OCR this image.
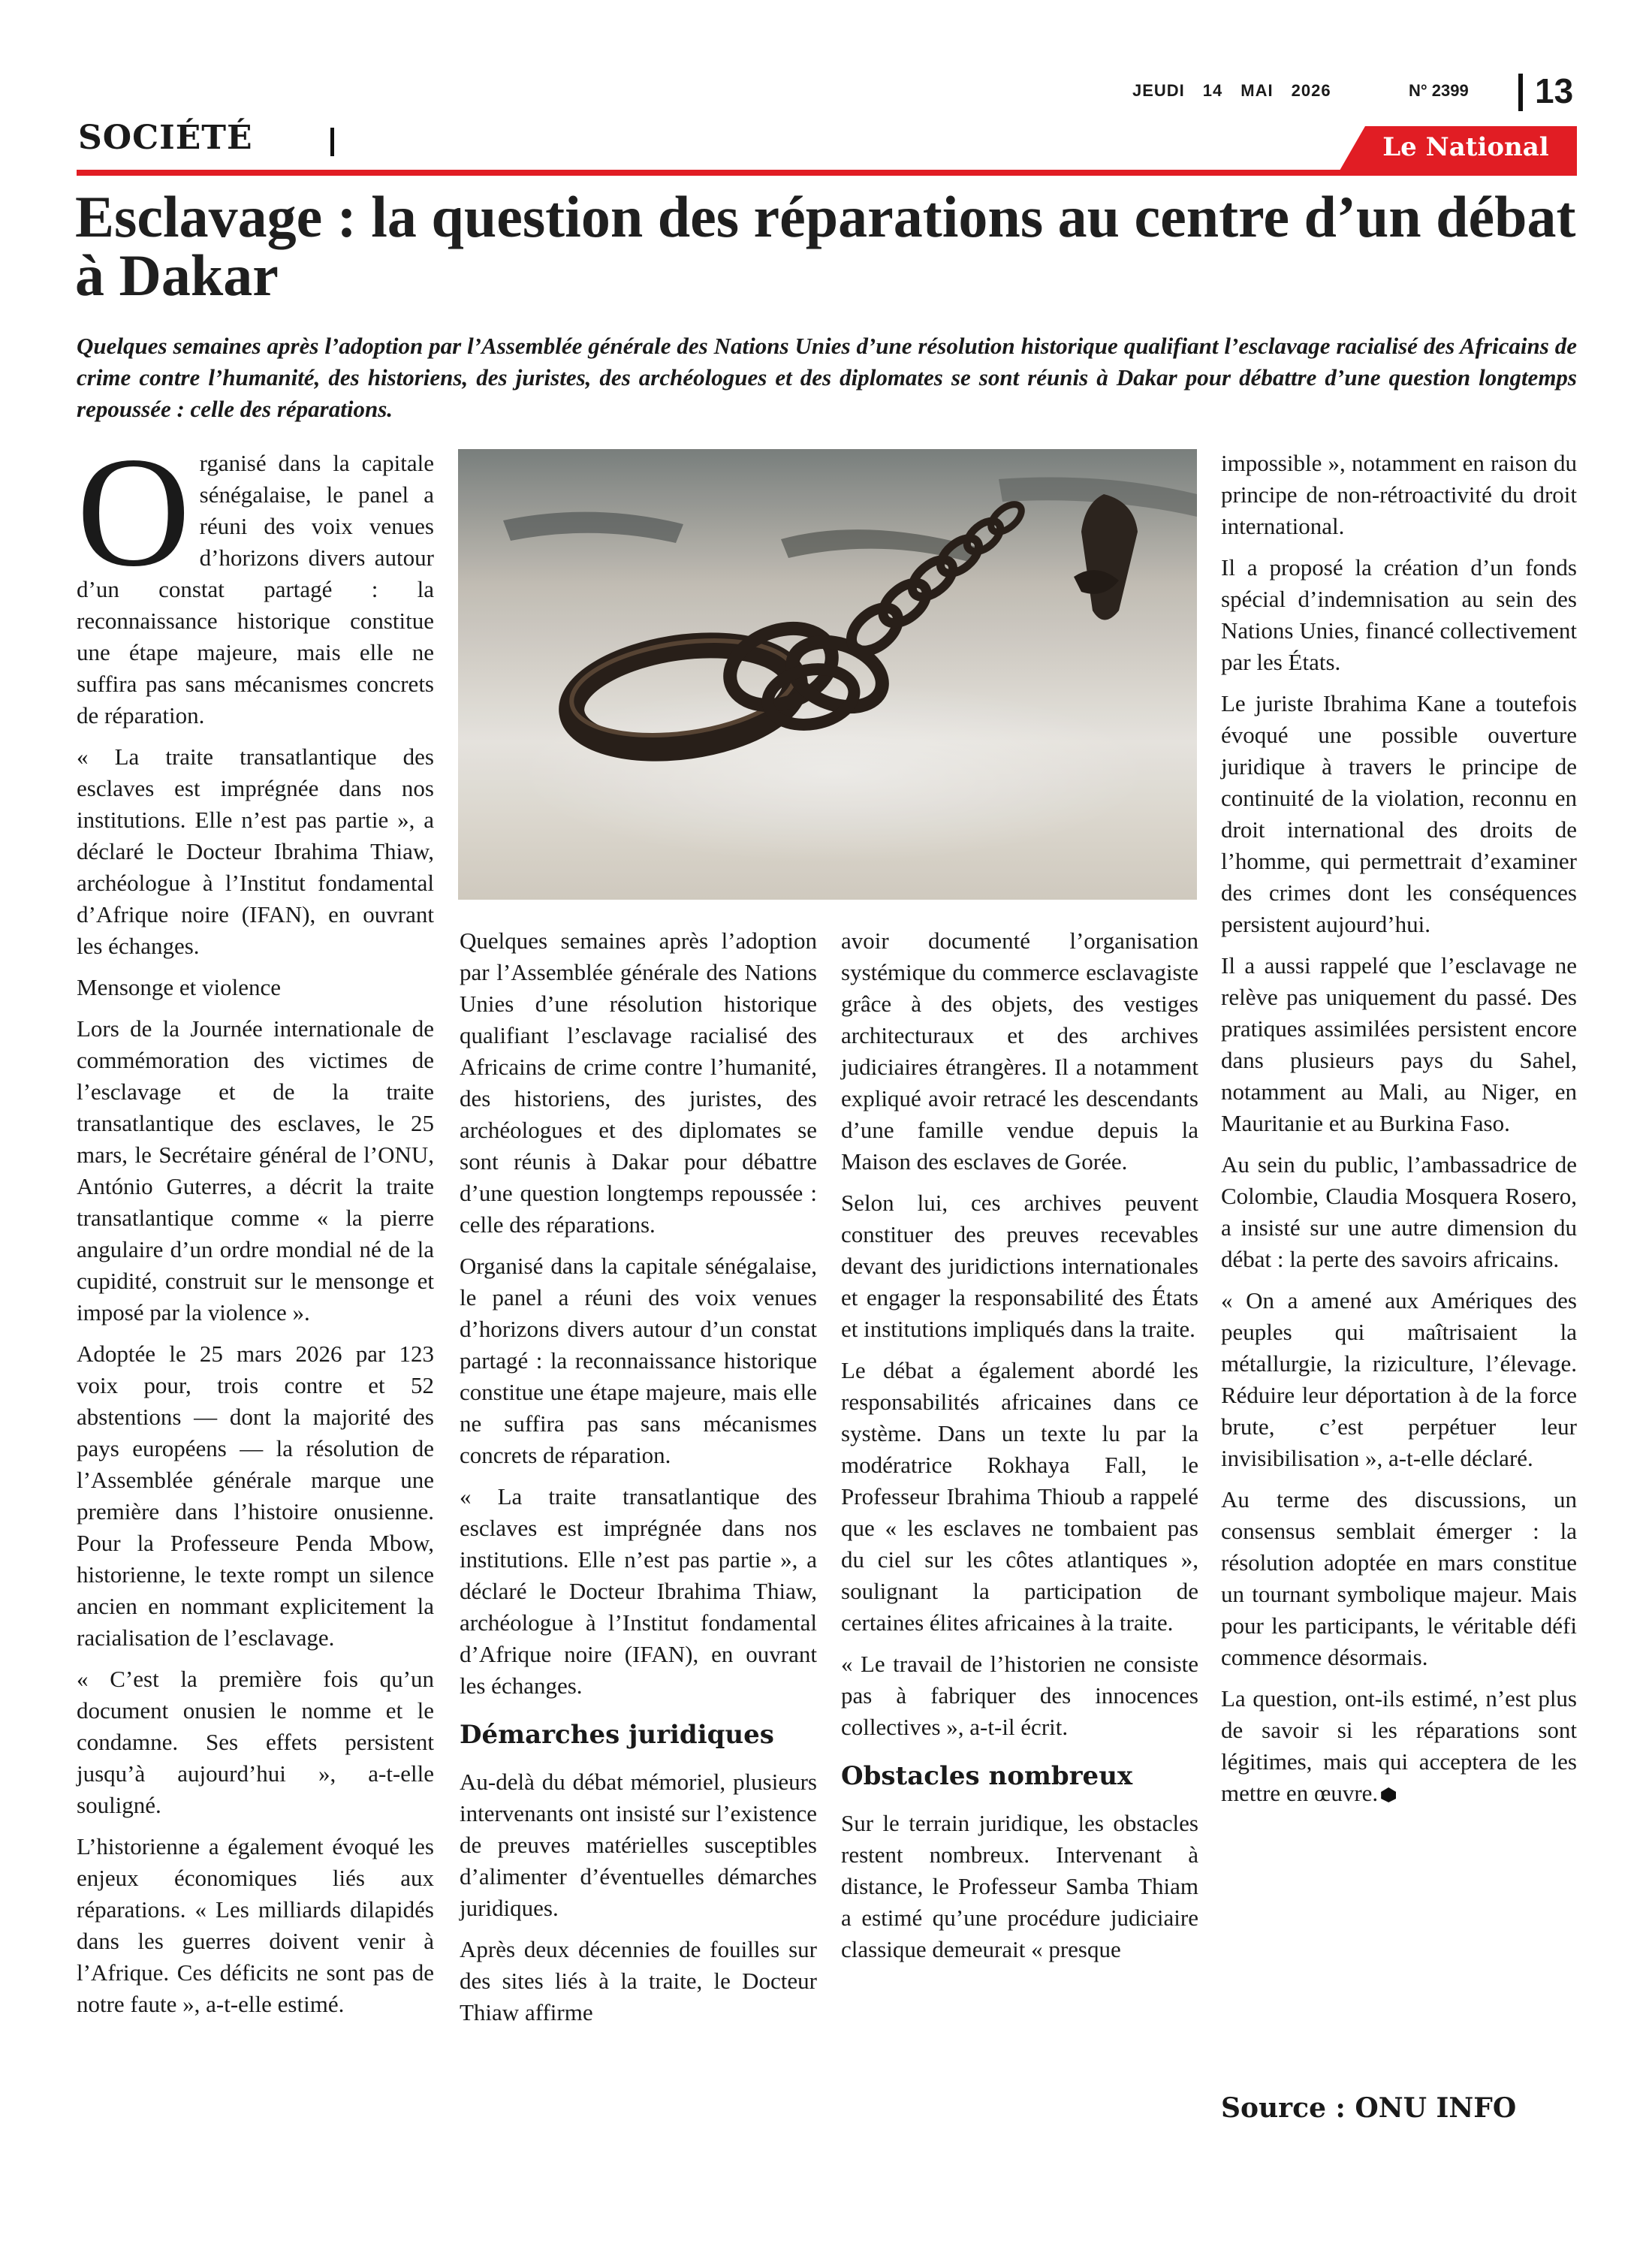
JEUDI 14 MAI 2026	N° 2399 13
SOCIÉTÉ	Le National
Esclavage : la question des réparations au centre d’un débat à Dakar

Quelques semaines après l’adoption par l’Assemblée générale des Nations Unies d’une résolution historique qualifiant l’esclavage racialisé des Africains de crime contre l’humanité, des historiens, des juristes, des archéologues et des diplomates se sont réunis à Dakar pour débattre d’une question longtemps repoussée : celle des réparations.

Organisé dans la capitale sénégalaise, le panel a réuni des voix venues d’horizons divers autour d’un constat partagé : la reconnaissance historique constitue une étape majeure, mais elle ne suffira pas sans mécanismes concrets de réparation.

« La traite transatlantique des esclaves est imprégnée dans nos institutions. Elle n’est pas partie », a déclaré le Docteur Ibrahima Thiaw, archéologue à l’Institut fondamental d’Afrique noire (IFAN), en ouvrant les échanges.

Mensonge et violence

Lors de la Journée internationale de commémoration des victimes de l’esclavage et de la traite transatlantique des esclaves, le 25 mars, le Secrétaire général de l’ONU, António Guterres, a décrit la traite transatlantique comme « la pierre angulaire d’un ordre mondial né de la cupidité, construit sur le mensonge et imposé par la violence ».

Adoptée le 25 mars 2026 par 123 voix pour, trois contre et 52 abstentions — dont la majorité des pays européens — la résolution de l’Assemblée générale marque une première dans l’histoire onusienne. Pour la Professeure Penda Mbow, historienne, le texte rompt un silence ancien en nommant explicitement la racialisation de l’esclavage.

« C’est la première fois qu’un document onusien le nomme et le condamne. Ses effets persistent jusqu’à aujourd’hui », a-t-elle souligné.

L’historienne a également évoqué les enjeux économiques liés aux réparations. « Les milliards dilapidés dans les guerres doivent venir à l’Afrique. Ces déficits ne sont pas de notre faute », a-t-elle estimé.

Quelques semaines après l’adoption par l’Assemblée générale des Nations Unies d’une résolution historique qualifiant l’esclavage racialisé des Africains de crime contre l’humanité, des historiens, des juristes, des archéologues et des diplomates se sont réunis à Dakar pour débattre d’une question longtemps repoussée : celle des réparations.

Organisé dans la capitale sénégalaise, le panel a réuni des voix venues d’horizons divers autour d’un constat partagé : la reconnaissance historique constitue une étape majeure, mais elle ne suffira pas sans mécanismes concrets de réparation.

« La traite transatlantique des esclaves est imprégnée dans nos institutions. Elle n’est pas partie », a déclaré le Docteur Ibrahima Thiaw, archéologue à l’Institut fondamental d’Afrique noire (IFAN), en ouvrant les échanges.

Démarches juridiques

Au-delà du débat mémoriel, plusieurs intervenants ont insisté sur l’existence de preuves matérielles susceptibles d’alimenter d’éventuelles démarches juridiques.

Après deux décennies de fouilles sur des sites liés à la traite, le Docteur Thiaw affirme

avoir documenté l’organisation systémique du commerce esclavagiste grâce à des objets, des vestiges architecturaux et des archives judiciaires étrangères. Il a notamment expliqué avoir retracé les descendants d’une famille vendue depuis la Maison des esclaves de Gorée.

Selon lui, ces archives peuvent constituer des preuves recevables devant des juridictions internationales et engager la responsabilité des États et institutions impliqués dans la traite.

Le débat a également abordé les responsabilités africaines dans ce système. Dans un texte lu par la modératrice Rokhaya Fall, le Professeur Ibrahima Thioub a rappelé que « les esclaves ne tombaient pas du ciel sur les côtes atlantiques », soulignant la participation de certaines élites africaines à la traite.

« Le travail de l’historien ne consiste pas à fabriquer des innocences collectives », a-t-il écrit.

Obstacles nombreux

Sur le terrain juridique, les obstacles restent nombreux. Intervenant à distance, le Professeur Samba Thiam a estimé qu’une procédure judiciaire classique demeurait « presque

impossible », notamment en raison du principe de non-rétroactivité du droit international.

Il a proposé la création d’un fonds spécial d’indemnisation au sein des Nations Unies, financé collectivement par les États.

Le juriste Ibrahima Kane a toutefois évoqué une possible ouverture juridique à travers le principe de continuité de la violation, reconnu en droit international des droits de l’homme, qui permettrait d’examiner des crimes dont les conséquences persistent aujourd’hui.

Il a aussi rappelé que l’esclavage ne relève pas uniquement du passé. Des pratiques assimilées persistent encore dans plusieurs pays du Sahel, notamment au Mali, au Niger, en Mauritanie et au Burkina Faso.

Au sein du public, l’ambassadrice de Colombie, Claudia Mosquera Rosero, a insisté sur une autre dimension du débat : la perte des savoirs africains.

« On a amené aux Amériques des peuples qui maîtrisaient la métallurgie, la riziculture, l’élevage. Réduire leur déportation à de la force brute, c’est perpétuer leur invisibilisation », a-t-elle déclaré.

Au terme des discussions, un consensus semblait émerger : la résolution adoptée en mars constitue un tournant symbolique majeur. Mais pour les participants, le véritable défi commence désormais.

La question, ont-ils estimé, n’est plus de savoir si les réparations sont légitimes, mais qui acceptera de les mettre en œuvre.

Source : ONU INFO
